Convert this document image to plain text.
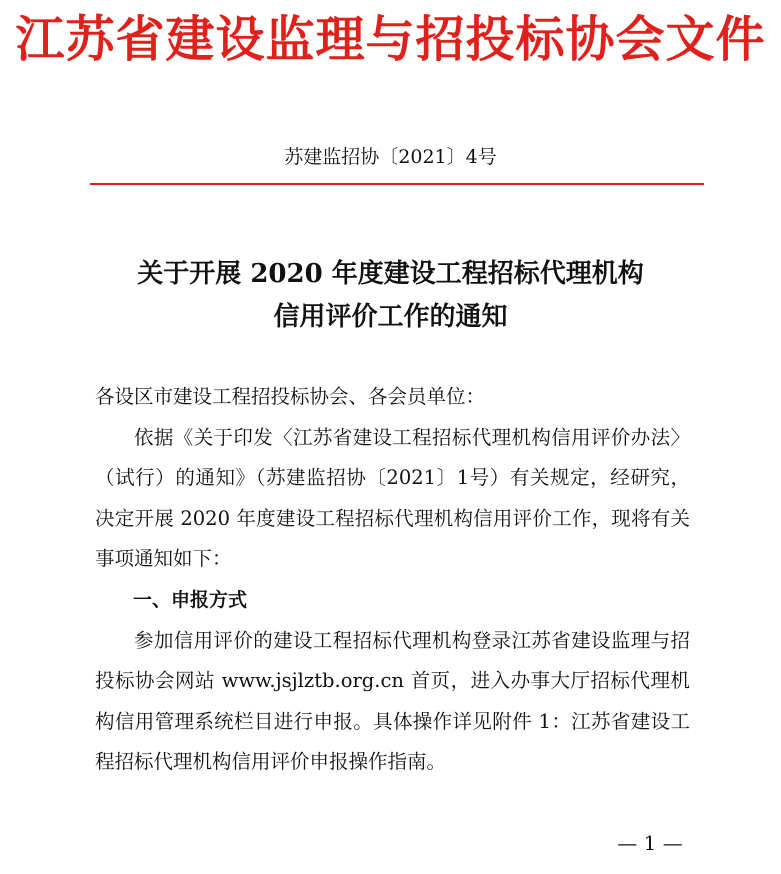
江苏省建设监理与招投标协会文件
苏建监招协〔2021〕4号
关于开展 2020 年度建设工程招标代理机构
信用评价工作的通知

各设区市建设工程招投标协会、各会员单位：

依据《关于印发〈江苏省建设工程招标代理机构信用评价办法〉（试行）的通知》（苏建监招协〔2021〕1号）有关规定，经研究，决定开展 2020 年度建设工程招标代理机构信用评价工作，现将有关事项通知如下：

一、申报方式

参加信用评价的建设工程招标代理机构登录江苏省建设监理与招投标协会网站 www.jsjlztb.org.cn 首页，进入办事大厅招标代理机构信用管理系统栏目进行申报。具体操作详见附件 1：江苏省建设工程招标代理机构信用评价申报操作指南。

— 1 —
